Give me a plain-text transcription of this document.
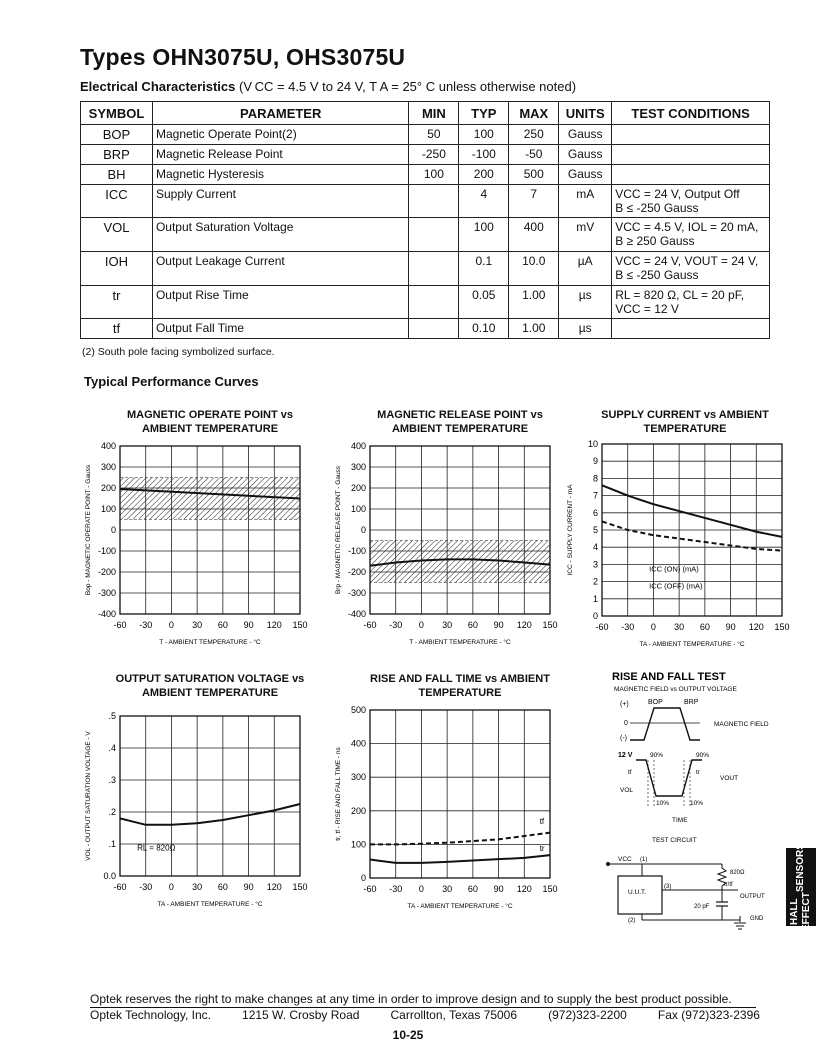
Types OHN3075U, OHS3075U
Electrical Characteristics (V CC = 4.5 V to 24 V, T A = 25° C unless otherwise noted)
SYMBOL	PARAMETER	MIN	TYP	MAX	UNITS	TEST CONDITIONS
BOP	Magnetic Operate Point(2)	50	100	250	Gauss	

BRP	Magnetic Release Point	-250	-100	-50	Gauss	

BH	Magnetic Hysteresis	100	200	500	Gauss	

ICC	Supply Current		4	7	mA	VCC = 24 V, Output Off
B ≤ -250 Gauss

VOL	Output Saturation Voltage		100	400	mV	VCC = 4.5 V, IOL = 20 mA,
B ≥ 250 Gauss

IOH	Output Leakage Current		0.1	10.0	µA	VCC = 24 V, VOUT = 24 V,
B ≤ -250 Gauss

tr	Output Rise Time		0.05	1.00	µs	RL = 820 Ω, CL = 20 pF,
VCC = 12 V

tf	Output Fall Time		0.10	1.00	µs	
(2) South pole facing symbolized surface.
Typical Performance Curves
MAGNETIC OPERATE POINT vs AMBIENT TEMPERATURE
-60 -30 0 30 60 90 120 150
400
300
200
100
0
-100
-200
-300
-400
T - AMBIENT TEMPERATURE - °C
Bop - MAGNETIC OPERATE POINT - Gauss
MAGNETIC RELEASE POINT vs AMBIENT TEMPERATURE
-60 -30 0 30 60 90 120 150
400
300
200
100
0
-100
-200
-300
-400
T - AMBIENT TEMPERATURE - °C
Brp - MAGNETIC RELEASE POINT - Gauss
SUPPLY CURRENT vs AMBIENT TEMPERATURE
-60 -30 0 30 60 90 120 150
10
9
8
7
6
5
4
3
2
1
0
TA - AMBIENT TEMPERATURE - °C
ICC - SUPPLY CURRENT - mA	ICC (ON) (mA)
ICC (OFF) (mA)
OUTPUT SATURATION VOLTAGE vs AMBIENT TEMPERATURE
-60 -30 0 30 60 90 120 150
.5
.4
.3
.2
.1
0.0
TA - AMBIENT TEMPERATURE - °C
VOL - OUTPUT SATURATION VOLTAGE - V	RL = 820Ω
RISE AND FALL TIME vs AMBIENT TEMPERATURE
-60 -30 0 30 60 90 120 150
500
400
300
200
100
0
TA - AMBIENT TEMPERATURE - °C
tr, tf - RISE AND FALL TIME - ns	tf
tr
RISE AND FALL TEST
MAGNETIC FIELD vs OUTPUT VOLTAGE
(+)	BOP	BRP
0
(-)
MAGNETIC FIELD
12 V	90%	90%
tf	tr
VOL
VOUT
10%	10%
TIME
TEST CIRCUIT
VCC (1)
U.U.T.
(3)
(2)
820Ω
tr/tf
OUTPUT
20 pF
GND	HALL EFFECT

SENSORS
Optek reserves the right to make changes at any time in order to improve design and to supply the best product possible.
Optek Technology, Inc.	1215 W. Crosby Road	Carrollton, Texas 75006	(972)323-2200	Fax (972)323-2396
10-25
